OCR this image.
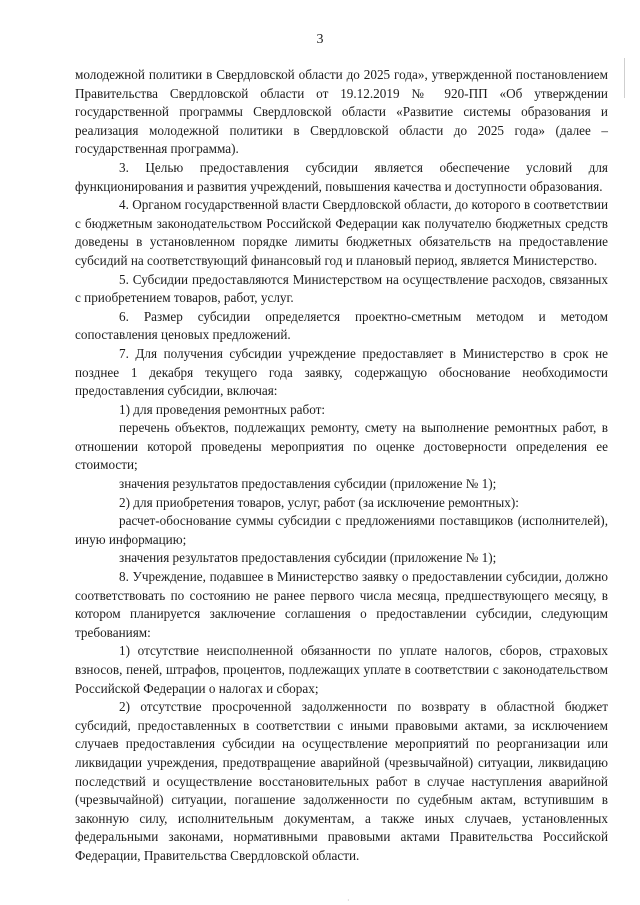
3

молодежной политики в Свердловской области до 2025 года», утвержденной постановлением Правительства Свердловской области от 19.12.2019 № 920-ПП «Об утверждении государственной программы Свердловской области «Развитие системы образования и реализация молодежной политики в Свердловской области до 2025 года» (далее – государственная программа).

3. Целью предоставления субсидии является обеспечение условий для функционирования и развития учреждений, повышения качества и доступности образования.

4. Органом государственной власти Свердловской области, до которого в соответствии с бюджетным законодательством Российской Федерации как получателю бюджетных средств доведены в установленном порядке лимиты бюджетных обязательств на предоставление субсидий на соответствующий финансовый год и плановый период, является Министерство.

5. Субсидии предоставляются Министерством на осуществление расходов, связанных с приобретением товаров, работ, услуг.

6. Размер субсидии определяется проектно-сметным методом и методом сопоставления ценовых предложений.

7. Для получения субсидии учреждение предоставляет в Министерство в срок не позднее 1 декабря текущего года заявку, содержащую обоснование необходимости предоставления субсидии, включая:

1) для проведения ремонтных работ:

перечень объектов, подлежащих ремонту, смету на выполнение ремонтных работ, в отношении которой проведены мероприятия по оценке достоверности определения ее стоимости;

значения результатов предоставления субсидии (приложение № 1);

2) для приобретения товаров, услуг, работ (за исключение ремонтных):

расчет-обоснование суммы субсидии с предложениями поставщиков (исполнителей), иную информацию;

значения результатов предоставления субсидии (приложение № 1);

8. Учреждение, подавшее в Министерство заявку о предоставлении субсидии, должно соответствовать по состоянию не ранее первого числа месяца, предшествующего месяцу, в котором планируется заключение соглашения о предоставлении субсидии, следующим требованиям:

1) отсутствие неисполненной обязанности по уплате налогов, сборов, страховых взносов, пеней, штрафов, процентов, подлежащих уплате в соответствии с законодательством Российской Федерации о налогах и сборах;

2) отсутствие просроченной задолженности по возврату в областной бюджет субсидий, предоставленных в соответствии с иными правовыми актами, за исключением случаев предоставления субсидии на осуществление мероприятий по реорганизации или ликвидации учреждения, предотвращение аварийной (чрезвычайной) ситуации, ликвидацию последствий и осуществление восстановительных работ в случае наступления аварийной (чрезвычайной) ситуации, погашение задолженности по судебным актам, вступившим в законную силу, исполнительным документам, а также иных случаев, установленных федеральными законами, нормативными правовыми актами Правительства Российской Федерации, Правительства Свердловской области.

·
